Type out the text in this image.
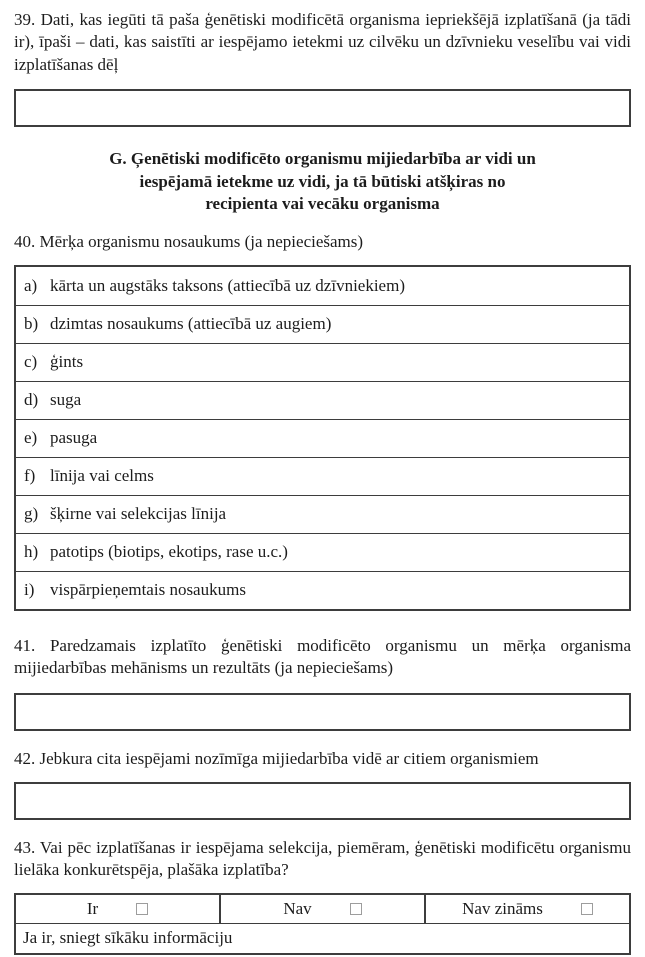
39. Dati, kas iegūti tā paša ģenētiski modificētā organisma iepriekšējā izplatīšanā (ja tādi ir), īpaši – dati, kas saistīti ar iespējamo ietekmi uz cilvēku un dzīvnieku veselību vai vidi izplatīšanas dēļ
G. Ģenētiski modificēto organismu mijiedarbība ar vidi un
iespējamā ietekme uz vidi, ja tā būtiski atšķiras no
recipienta vai vecāku organisma
40. Mērķa organismu nosaukums (ja nepieciešams)
a) kārta un augstāks taksons (attiecībā uz dzīvniekiem)
b) dzimtas nosaukums (attiecībā uz augiem)
c) ģints
d) suga
e) pasuga
f) līnija vai celms
g) šķirne vai selekcijas līnija
h) patotips (biotips, ekotips, rase u.c.)
i) vispārpieņemtais nosaukums
41. Paredzamais izplatīto ģenētiski modificēto organismu un mērķa organisma mijiedarbības mehānisms un rezultāts (ja nepieciešams)
42. Jebkura cita iespējami nozīmīga mijiedarbība vidē ar citiem organismiem
43. Vai pēc izplatīšanas ir iespējama selekcija, piemēram, ģenētiski modificētu organismu lielāka konkurētspēja, plašāka izplatība?
Ir	Nav	Nav zināms
Ja ir, sniegt sīkāku informāciju
